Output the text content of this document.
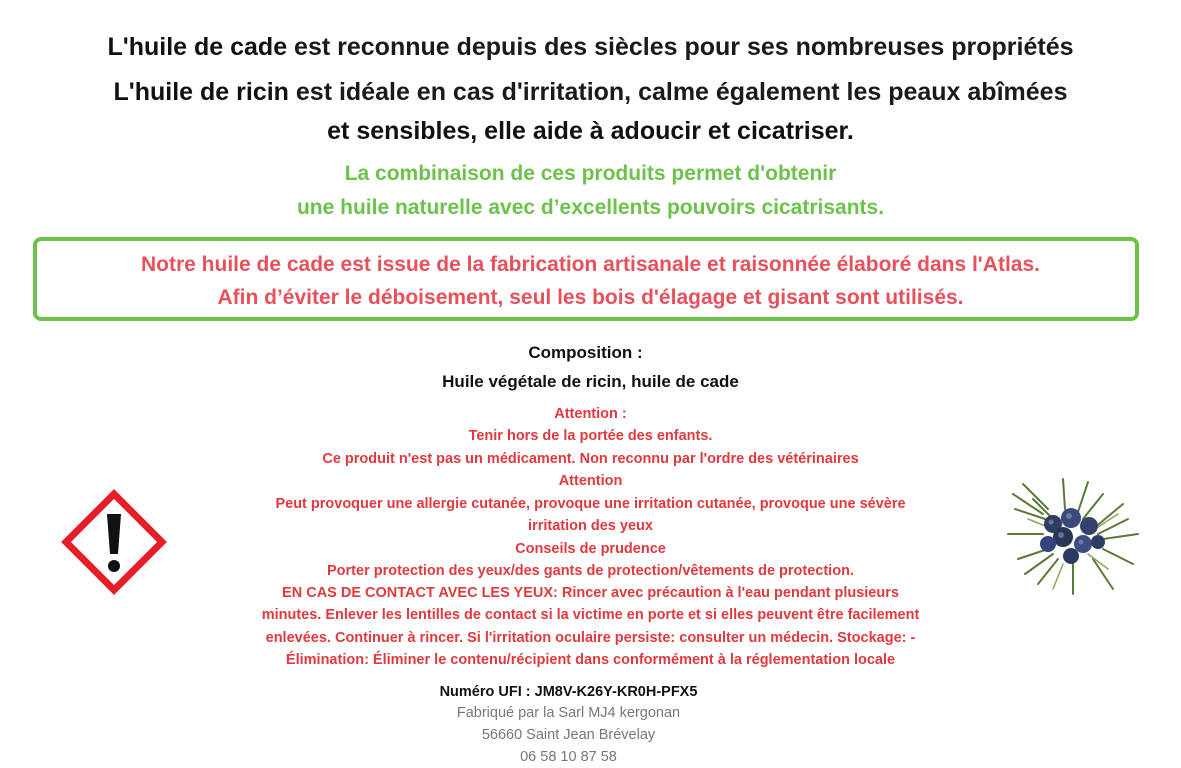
L'huile de cade est reconnue depuis des siècles pour ses nombreuses propriétés
L'huile de ricin est idéale en cas d'irritation, calme également les peaux abîmées
et sensibles, elle aide à adoucir et cicatriser.
La combinaison de ces produits permet d'obtenir
une huile naturelle avec d’excellents pouvoirs cicatrisants.
Notre huile de cade est issue de la fabrication artisanale et raisonnée élaboré dans l'Atlas.
Afin d’éviter le déboisement, seul les bois d'élagage et gisant sont utilisés.
Composition :
Huile végétale de ricin, huile de cade
Attention :
Tenir hors de la portée des enfants.
Ce produit n'est pas un médicament. Non reconnu par l'ordre des vétérinaires
Attention
Peut provoquer une allergie cutanée, provoque une irritation cutanée, provoque une sévère
irritation des yeux
Conseils de prudence
Porter protection des yeux/des gants de protection/vêtements de protection.
EN CAS DE CONTACT AVEC LES YEUX: Rincer avec précaution à l'eau pendant plusieurs
minutes. Enlever les lentilles de contact si la victime en porte et si elles peuvent être facilement
enlevées. Continuer à rincer. Si l'irritation oculaire persiste: consulter un médecin. Stockage: -
Élimination: Éliminer le contenu/récipient dans conformément à la réglementation locale
Numéro UFI : JM8V-K26Y-KR0H-PFX5
Fabriqué par la Sarl MJ4 kergonan
56660 Saint Jean Brévelay
06 58 10 87 58
